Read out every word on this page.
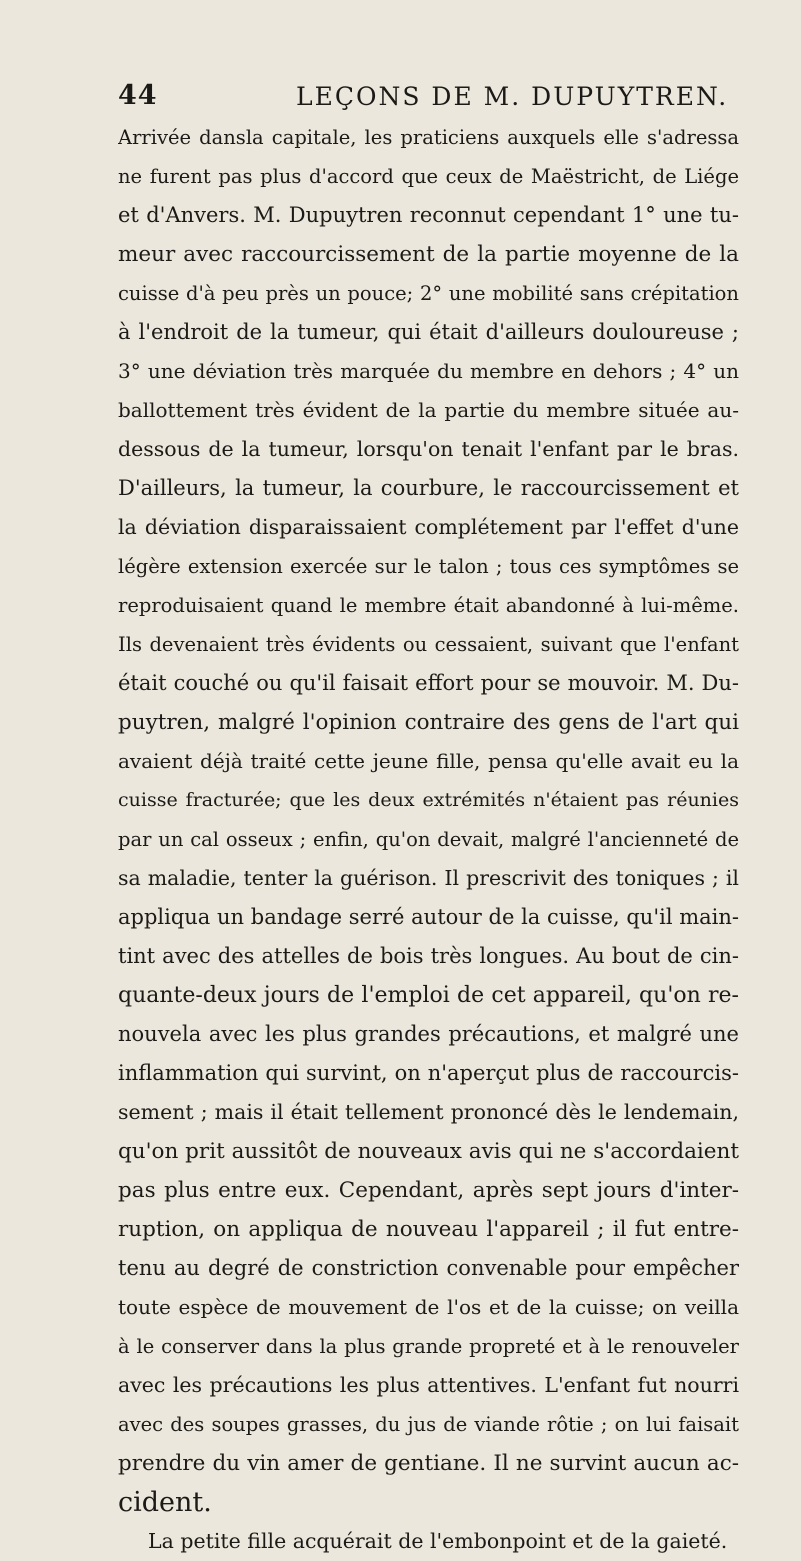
44	LEÇONS DE M. DUPUYTREN.
Arrivée dansla capitale, les praticiens auxquels elle s'adressa
ne furent pas plus d'accord que ceux de Maëstricht, de Liége
et d'Anvers. M. Dupuytren reconnut cependant 1° une tu-
meur avec raccourcissement de la partie moyenne de la
cuisse d'à peu près un pouce; 2° une mobilité sans crépitation
à l'endroit de la tumeur, qui était d'ailleurs douloureuse ;
3° une déviation très marquée du membre en dehors ; 4° un
ballottement très évident de la partie du membre située au-
dessous de la tumeur, lorsqu'on tenait l'enfant par le bras.
D'ailleurs, la tumeur, la courbure, le raccourcissement et
la déviation disparaissaient complétement par l'effet d'une
légère extension exercée sur le talon ; tous ces symptômes se
reproduisaient quand le membre était abandonné à lui-même.
Ils devenaient très évidents ou cessaient, suivant que l'enfant
était couché ou qu'il faisait effort pour se mouvoir. M. Du-
puytren, malgré l'opinion contraire des gens de l'art qui
avaient déjà traité cette jeune fille, pensa qu'elle avait eu la
cuisse fracturée; que les deux extrémités n'étaient pas réunies
par un cal osseux ; enfin, qu'on devait, malgré l'ancienneté de
sa maladie, tenter la guérison. Il prescrivit des toniques ; il
appliqua un bandage serré autour de la cuisse, qu'il main-
tint avec des attelles de bois très longues. Au bout de cin-
quante-deux jours de l'emploi de cet appareil, qu'on re-
nouvela avec les plus grandes précautions, et malgré une
inflammation qui survint, on n'aperçut plus de raccourcis-
sement ; mais il était tellement prononcé dès le lendemain,
qu'on prit aussitôt de nouveaux avis qui ne s'accordaient
pas plus entre eux. Cependant, après sept jours d'inter-
ruption, on appliqua de nouveau l'appareil ; il fut entre-
tenu au degré de constriction convenable pour empêcher
toute espèce de mouvement de l'os et de la cuisse; on veilla
à le conserver dans la plus grande propreté et à le renouveler
avec les précautions les plus attentives. L'enfant fut nourri
avec des soupes grasses, du jus de viande rôtie ; on lui faisait
prendre du vin amer de gentiane. Il ne survint aucun ac-
cident.
La petite fille acquérait de l'embonpoint et de la gaieté.
